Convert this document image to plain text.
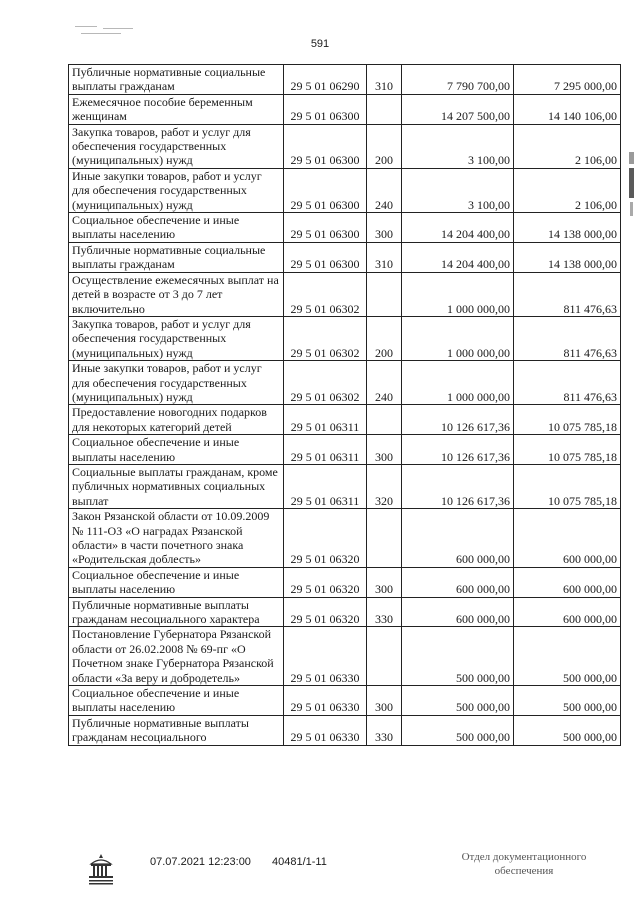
591
Публичные нормативные социальные выплаты гражданам	29 5 01 06290	310	7 790 700,00	7 295 000,00
Ежемесячное пособие беременным женщинам	29 5 01 06300		14 207 500,00	14 140 106,00
Закупка товаров, работ и услуг для обеспечения государственных (муниципальных) нужд	29 5 01 06300	200	3 100,00	2 106,00
Иные закупки товаров, работ и услуг для обеспечения государственных (муниципальных) нужд	29 5 01 06300	240	3 100,00	2 106,00
Социальное обеспечение и иные выплаты населению	29 5 01 06300	300	14 204 400,00	14 138 000,00
Публичные нормативные социальные выплаты гражданам	29 5 01 06300	310	14 204 400,00	14 138 000,00
Осуществление ежемесячных выплат на детей в возрасте от 3 до 7 лет включительно	29 5 01 06302		1 000 000,00	811 476,63
Закупка товаров, работ и услуг для обеспечения государственных (муниципальных) нужд	29 5 01 06302	200	1 000 000,00	811 476,63
Иные закупки товаров, работ и услуг для обеспечения государственных (муниципальных) нужд	29 5 01 06302	240	1 000 000,00	811 476,63
Предоставление новогодних подарков для некоторых категорий детей	29 5 01 06311		10 126 617,36	10 075 785,18
Социальное обеспечение и иные выплаты населению	29 5 01 06311	300	10 126 617,36	10 075 785,18
Социальные выплаты гражданам, кроме публичных нормативных социальных выплат	29 5 01 06311	320	10 126 617,36	10 075 785,18
Закон Рязанской области от 10.09.2009 № 111-ОЗ «О наградах Рязанской области» в части почетного знака «Родительская доблесть»	29 5 01 06320		600 000,00	600 000,00
Социальное обеспечение и иные выплаты населению	29 5 01 06320	300	600 000,00	600 000,00
Публичные нормативные выплаты гражданам несоциального характера	29 5 01 06320	330	600 000,00	600 000,00
Постановление Губернатора Рязанской области от 26.02.2008 № 69-пг «О Почетном знаке Губернатора Рязанской области «За веру и добродетель»	29 5 01 06330		500 000,00	500 000,00
Социальное обеспечение и иные выплаты населению	29 5 01 06330	300	500 000,00	500 000,00
Публичные нормативные выплаты гражданам несоциального	29 5 01 06330	330	500 000,00	500 000,00
07.07.2021 12:23:00 40481/1-11	Отдел документационного
обеспечения
